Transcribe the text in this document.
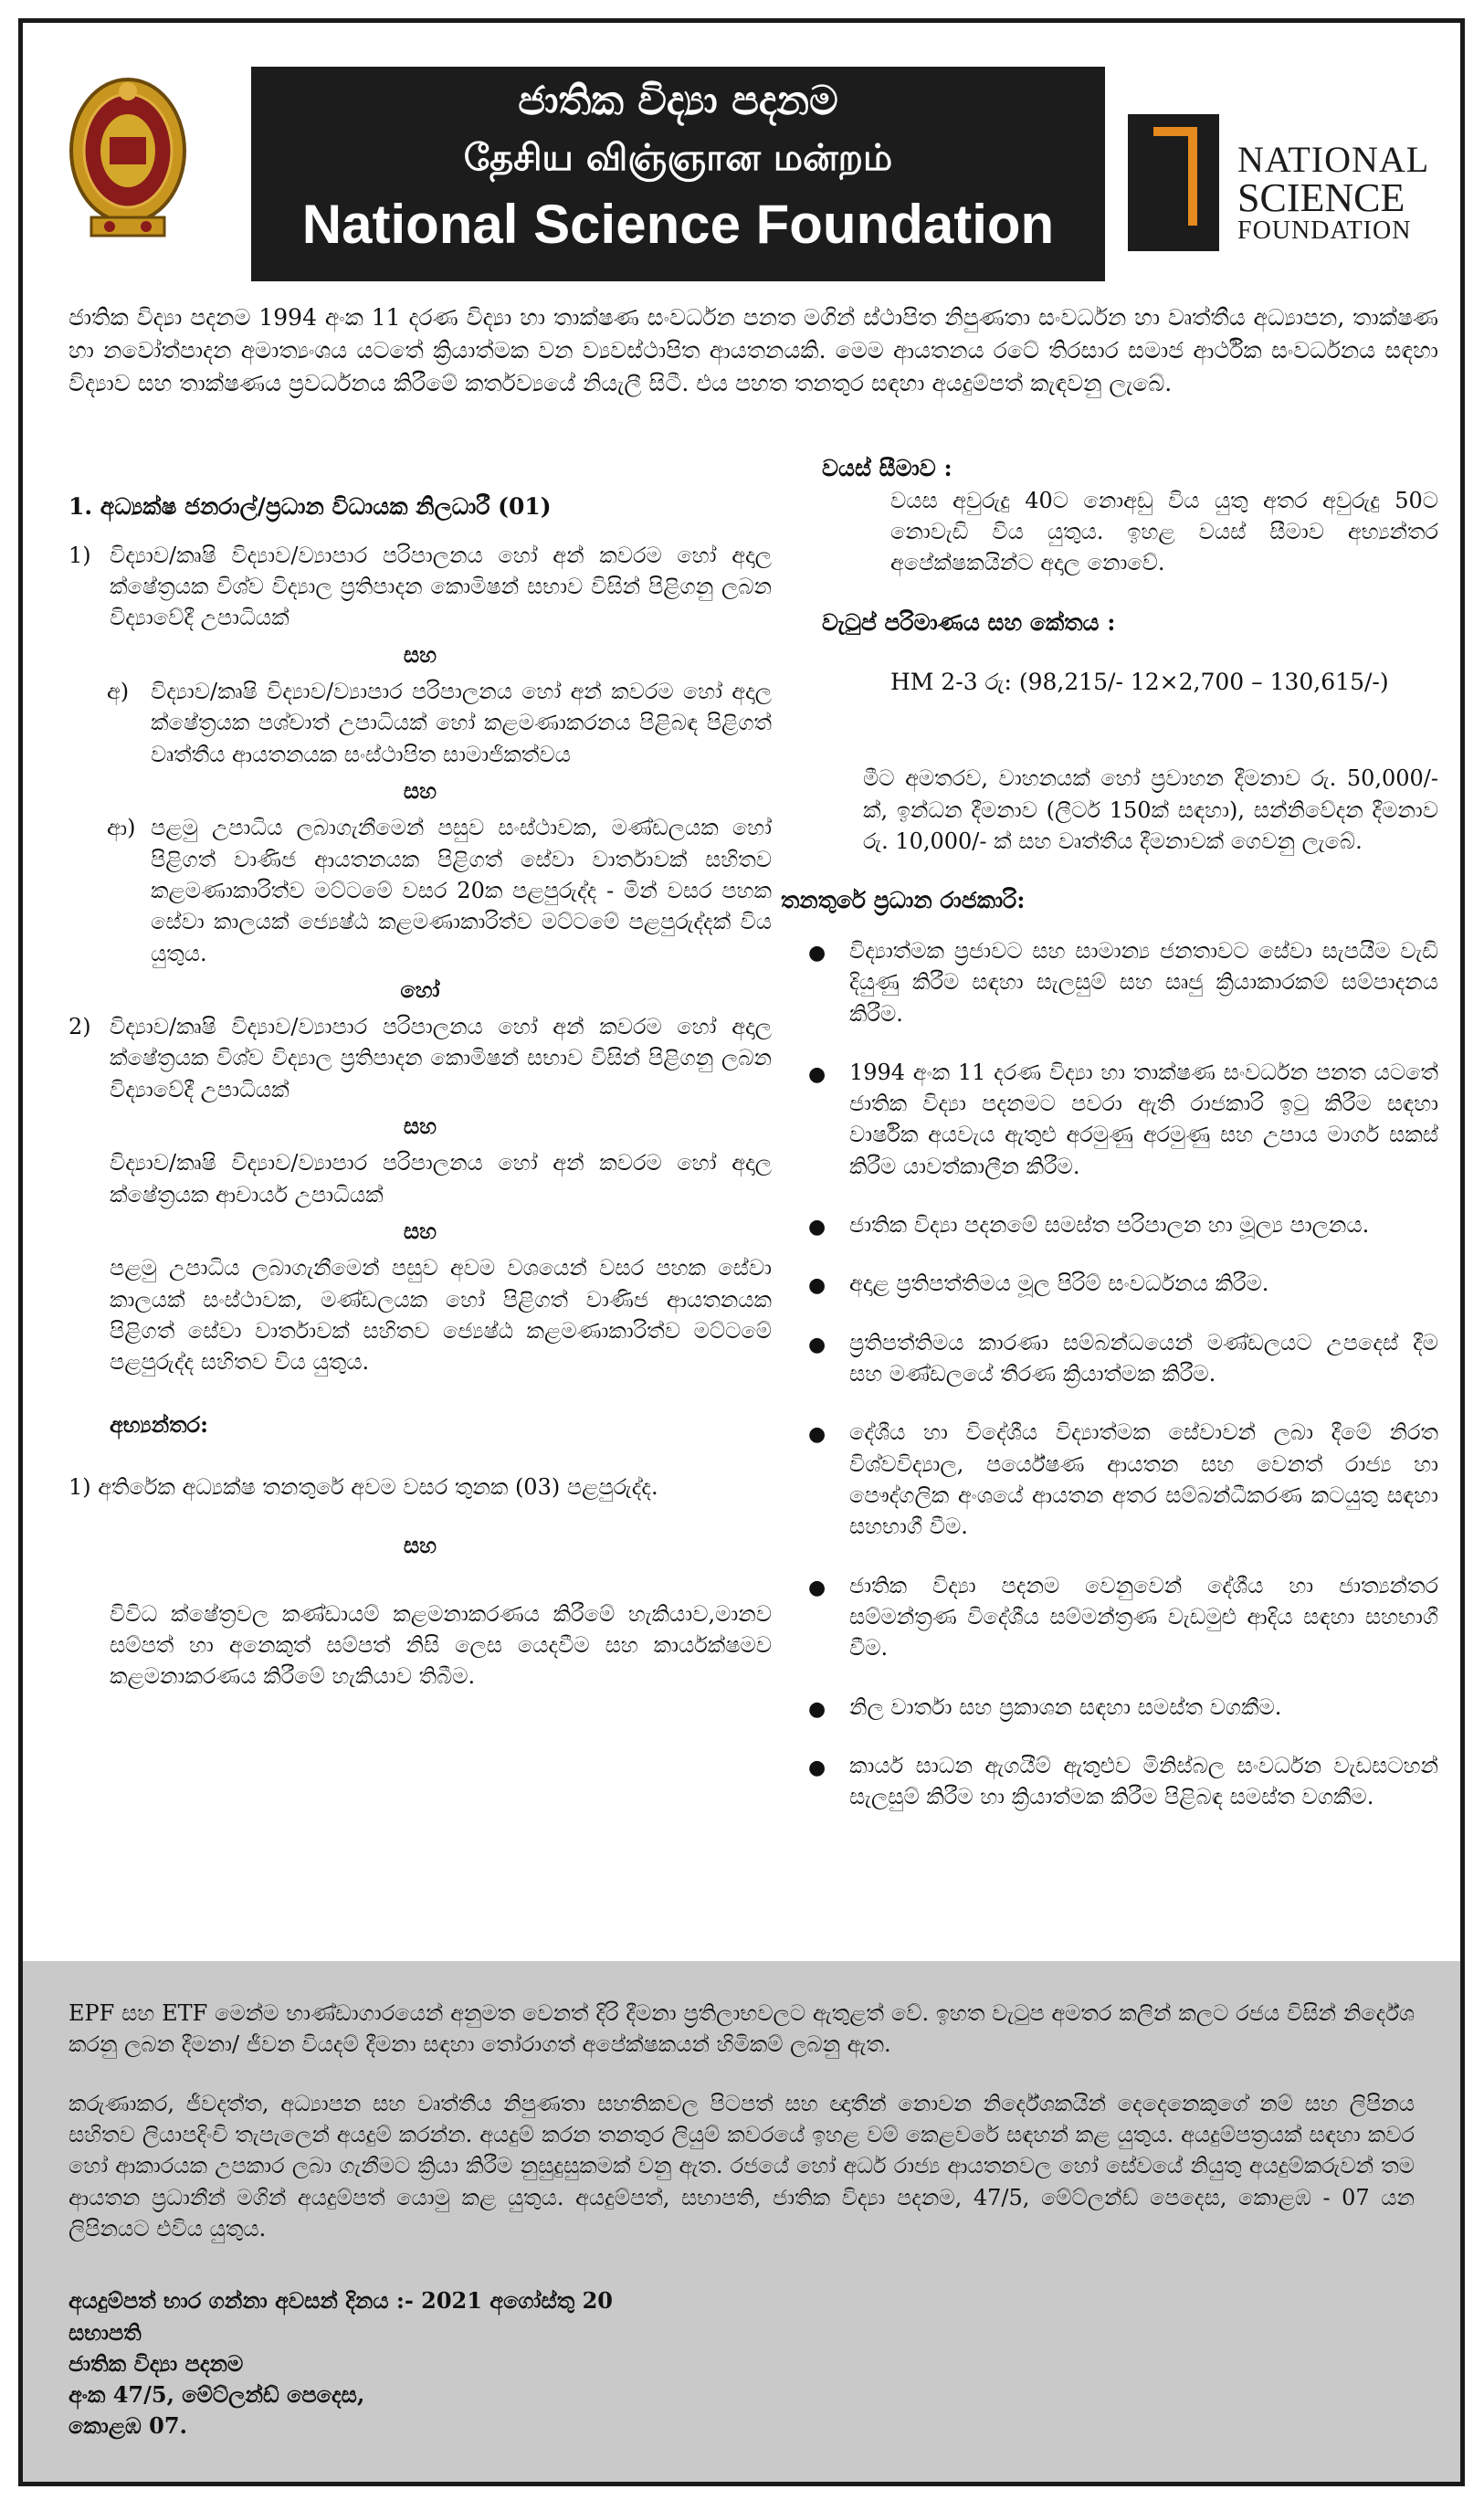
ජාතික විද්‍යා පදනම
தேசிய விஞ்ஞான மன்றம்
National Science Foundation
NATIONAL
SCIENCE
FOUNDATION

ජාතික විද්‍යා පදනම 1994 අංක 11 දරණ විද්‍යා හා තාක්ෂණ සංවර්ධන පනත මගින් ස්ථාපිත නිපුණතා සංවර්ධන හා වෘත්තීය අධ්‍යාපන, තාක්ෂණ හා නවෝත්පාදන අමාත්‍යංශය යටතේ ක්‍රියාත්මක වන ව්‍යවස්ථාපිත ආයතනයකි. මෙම ආයතනය රටේ තිරසාර සමාජ ආර්ථික සංවර්ධනය සඳහා විද්‍යාව සහ තාක්ෂණය ප්‍රවර්ධනය කිරීමේ කර්තව්‍යයේ නියැලී සිටී. එය පහත තනතුර සඳහා අයදුම්පත් කැඳවනු ලැබේ.

1. අධ්‍යක්ෂ ජනරාල්/ප්‍රධාන විධායක නිලධාරී (01)
1) විද්‍යාව/කෘෂි විද්‍යාව/ව්‍යාපාර පරිපාලනය හෝ අන් කවරම හෝ අදාල ක්ෂේත්‍රයක විශ්ව විද්‍යාල ප්‍රතිපාදන කොමිෂන් සභාව විසින් පිළිගනු ලබන විද්‍යාවේදී උපාධියක්
සහ
අ) විද්‍යාව/කෘෂි විද්‍යාව/ව්‍යාපාර පරිපාලනය හෝ අන් කවරම හෝ අදාල ක්ෂේත්‍රයක පශ්චාත් උපාධියක් හෝ කළමණාකරනය පිළිබඳ පිළිගත් වෘත්තීය ආයතනයක සංස්ථාපිත සාමාජිකත්වය
සහ
ආ) පළමු උපාධිය ලබාගැනීමෙන් පසුව සංස්ථාවක, මණ්ඩලයක හෝ පිළිගත් වාණිජ ආයතනයක පිළිගත් සේවා වාර්තාවක් සහිතව කළමණාකාරිත්ව මට්ටමේ වසර 20ක පළපුරුද්ද - මින් වසර පහක සේවා කාලයක් ජ්‍යෙෂ්ඨ කළමණාකාරිත්ව මට්ටමේ පළපුරුද්දක් විය යුතුය.
හෝ
2) විද්‍යාව/කෘෂි විද්‍යාව/ව්‍යාපාර පරිපාලනය හෝ අන් කවරම හෝ අදාල ක්ෂේත්‍රයක විශ්ව විද්‍යාල ප්‍රතිපාදන කොමිෂන් සභාව විසින් පිළිගනු ලබන විද්‍යාවේදී උපාධියක්
සහ
විද්‍යාව/කෘෂි විද්‍යාව/ව්‍යාපාර පරිපාලනය හෝ අන් කවරම හෝ අදාල ක්ෂේත්‍රයක ආචාර්ය උපාධියක්
සහ
පළමු උපාධිය ලබාගැනීමෙන් පසුව අවම වශයෙන් වසර පහක සේවා කාලයක් සංස්ථාවක, මණ්ඩලයක හෝ පිළිගත් වාණිජ ආයතනයක පිළිගත් සේවා වාර්තාවක් සහිතව ජ්‍යෙෂ්ඨ කළමණාකාරිත්ව මට්ටමේ පළපුරුද්ද සහිතව විය යුතුය.
අභ්‍යන්තර:
1) අතිරේක අධ්‍යක්ෂ තනතුරේ අවම වසර තුනක (03) පළපුරුද්ද.
සහ
විවිධ ක්ෂේත්‍රවල කණ්ඩායම් කළමනාකරණය කිරීමේ හැකියාව,මානව සම්පත් හා අනෙකුත් සම්පත් නිසි ලෙස යෙදවීම සහ කාර්යක්ෂමව කළමනාකරණය කිරීමේ හැකියාව තිබීම.
වයස් සීමාව :
වයස අවුරුදු 40ට නොඅඩු විය යුතු අතර අවුරුදු 50ට නොවැඩි විය යුතුය. ඉහළ වයස් සීමාව අභ්‍යන්තර අපේක්ෂකයින්ට අදාල නොවේ.
වැටුප් පරිමාණය සහ කේතය :
HM 2-3 රු: (98,215/- 12×2,700 – 130,615/-)
මීට අමතරව, වාහනයක් හෝ ප්‍රවාහන දීමනාව රු. 50,000/- ක්, ඉන්ධන දීමනාව (ලීටර් 150ක් සඳහා), සන්නිවේදන දීමනාව රු. 10,000/- ක් සහ වෘත්තීය දීමනාවක් ගෙවනු ලැබේ.
තනතුරේ ප්‍රධාන රාජකාරි:
● විද්‍යාත්මක ප්‍රජාවට සහ සාමාන්‍ය ජනතාවට සේවා සැපයීම වැඩි දියුණු කිරීම සඳහා සැලසුම් සහ සෘජු ක්‍රියාකාරකම් සම්පාදනය කිරීම.
● 1994 අංක 11 දරණ විද්‍යා හා තාක්ෂණ සංවර්ධන පනත යටතේ ජාතික විද්‍යා පදනමට පවරා ඇති රාජකාරි ඉටු කිරීම සඳහා වාර්ෂික අයවැය ඇතුළු අරමුණු අරමුණු සහ උපාය මාර්ග සකස් කිරීම යාවත්කාලීන කිරීම.
● ජාතික විද්‍යා පදනමේ සමස්ත පරිපාලන හා මූල්‍ය පාලනය.
● අදාළ ප්‍රතිපත්තිමය මූල පිරිම් සංවර්ධනය කිරීම.
● ප්‍රතිපත්තිමය කාරණා සම්බන්ධයෙන් මණ්ඩලයට උපදෙස් දීම සහ මණ්ඩලයේ තීරණ ක්‍රියාත්මක කිරීම.
● දේශීය හා විදේශීය විද්‍යාත්මක සේවාවන් ලබා දීමේ නිරත විශ්වවිද්‍යාල, පර්යේෂණ ආයතන සහ වෙනත් රාජ්‍ය හා පෞද්ගලික අංශයේ ආයතන අතර සම්බන්ධීකරණ කටයුතු සඳහා සහභාගී වීම.
● ජාතික විද්‍යා පදනම වෙනුවෙන් දේශීය හා ජාත්‍යන්තර සම්මන්ත්‍රණ විදේශීය සම්මන්ත්‍රණ වැඩමුළු ආදිය සඳහා සහභාගී වීම.
● නිල වාර්තා සහ ප්‍රකාශන සඳහා සමස්ත වගකීම.
● කාර්ය සාධන ඇගයීම් ඇතුළුව මිනිස්බල සංවර්ධන වැඩසටහන් සැලසුම් කිරීම හා ක්‍රියාත්මක කිරීම පිළිබඳ සමස්ත වගකීම.

EPF සහ ETF මෙන්ම භාණ්ඩාගාරයෙන් අනුමත වෙනත් දිරි දීමනා ප්‍රතිලාභවලට ඇතුළත් වේ. ඉහත වැටුප අමතර කලින් කලට රජය විසින් නිර්දේශ කරනු ලබන දීමනා/ ජීවන වියදම් දීමනා සඳහා තෝරාගත් අපේක්ෂකයන් හිමිකම් ලබනු ඇත.

කරුණාකර, ජීවදත්ත, අධ්‍යාපන සහ වෘත්තීය නිපුණතා සහතිකවල පිටපත් සහ ඥාතීන් නොවන නිර්දේශකයින් දෙදෙනෙකුගේ නම් සහ ලිපිනය සහිතව ලියාපදිංචි තැපැලෙන් අයදුම් කරන්න. අයදුම් කරන තනතුර ලියුම් කවරයේ ඉහළ වම් කෙළවරේ සඳහන් කළ යුතුය. අයදුම්පත්‍රයක් සඳහා කවර හෝ ආකාරයක උපකාර ලබා ගැනීමට ක්‍රියා කිරීම නුසුදුසුකමක් වනු ඇත. රජයේ හෝ අර්ධ රාජ්‍ය ආයතනවල හෝ සේවයේ නියුතු අයදුම්කරුවන් තම ආයතන ප්‍රධානීන් මගින් අයදුම්පත් යොමු කළ යුතුය. අයදුම්පත්, සභාපති, ජාතික විද්‍යා පදනම, 47/5, මේට්ලන්ඩ් පෙදෙස, කොළඹ - 07 යන ලිපිනයට එවිය යුතුය.

අයදුම්පත් භාර ගන්නා අවසන් දිනය :- 2021 අගෝස්තු 20
සභාපති
ජාතික විද්‍යා පදනම
අංක 47/5, මේට්ලන්ඩ් පෙදෙස,
කොළඹ 07.
